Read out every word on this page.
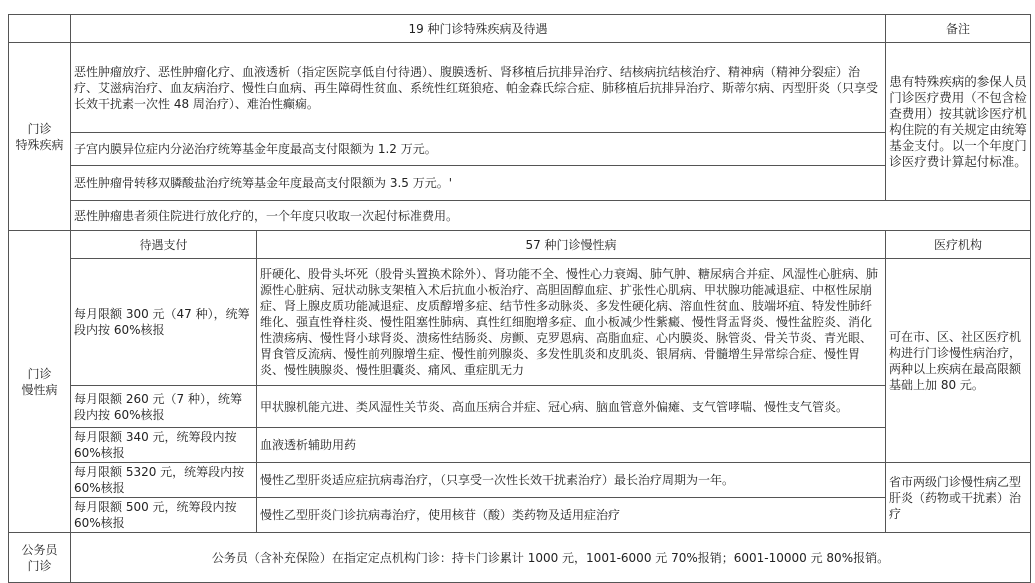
	19 种门诊特殊疾病及待遇		备注
门诊
特殊疾病	恶性肿瘤放疗、恶性肿瘤化疗、血液透析（指定医院享低自付待遇）、腹膜透析、肾移植后抗排异治疗、结核病抗结核治疗、精神病（精神分裂症）治疗、艾滋病治疗、血友病治疗、慢性白血病、再生障碍性贫血、系统性红斑狼疮、帕金森氏综合症、肺移植后抗排异治疗、斯蒂尔病、丙型肝炎（只享受长效干扰素一次性 48 周治疗）、难治性癫痫。		患有特殊疾病的参保人员门诊医疗费用（不包含检查费用）按其就诊医疗机构住院的有关规定由统筹基金支付。以一个年度门诊医疗费计算起付标准。
	子宫内膜异位症内分泌治疗统筹基金年度最高支付限额为 1.2 万元。		
	恶性肿瘤骨转移双膦酸盐治疗统筹基金年度最高支付限额为 3.5 万元。'		
	恶性肿瘤患者须住院进行放化疗的，一个年度只收取一次起付标准费用。		
门诊
慢性病	待遇支付	57 种门诊慢性病	医疗机构
	每月限额 300 元（47 种），统筹段内按 60%核报	肝硬化、股骨头坏死（股骨头置换术除外）、肾功能不全、慢性心力衰竭、肺气肿、糖尿病合并症、风湿性心脏病、肺源性心脏病、冠状动脉支架植入术后抗血小板治疗、高胆固醇血症、扩张性心肌病、甲状腺功能减退症、中枢性尿崩症、肾上腺皮质功能减退症、皮质醇增多症、结节性多动脉炎、多发性硬化病、溶血性贫血、肢端坏疽、特发性肺纤维化、强直性脊柱炎、慢性阻塞性肺病、真性红细胞增多症、血小板减少性紫癜、慢性肾盂肾炎、慢性盆腔炎、消化性溃疡病、慢性肾小球肾炎、溃疡性结肠炎、房颤、克罗恩病、高脂血症、心内膜炎、脉管炎、骨关节炎、青光眼、胃食管反流病、慢性前列腺增生症、慢性前列腺炎、多发性肌炎和皮肌炎、银屑病、骨髓增生异常综合症、慢性胃炎、慢性胰腺炎、慢性胆囊炎、痛风、重症肌无力	可在市、区、社区医疗机构进行门诊慢性病治疗，两种以上疾病在最高限额基础上加 80 元。
	每月限额 260 元（7 种），统筹段内按 60%核报	甲状腺机能亢进、类风湿性关节炎、高血压病合并症、冠心病、脑血管意外偏瘫、支气管哮喘、慢性支气管炎。	
	每月限额 340 元，统筹段内按 60%核报	血液透析辅助用药	
	每月限额 5320 元，统筹段内按 60%核报	慢性乙型肝炎适应症抗病毒治疗，（只享受一次性长效干扰素治疗）最长治疗周期为一年。	省市两级门诊慢性病乙型肝炎（药物或干扰素）治疗
	每月限额 500 元，统筹段内按 60%核报	慢性乙型肝炎门诊抗病毒治疗，使用核苷（酸）类药物及适用症治疗	
公务员
门诊	公务员（含补充保险）在指定定点机构门诊：持卡门诊累计 1000 元，1001-6000 元 70%报销；6001-10000 元 80%报销。		
